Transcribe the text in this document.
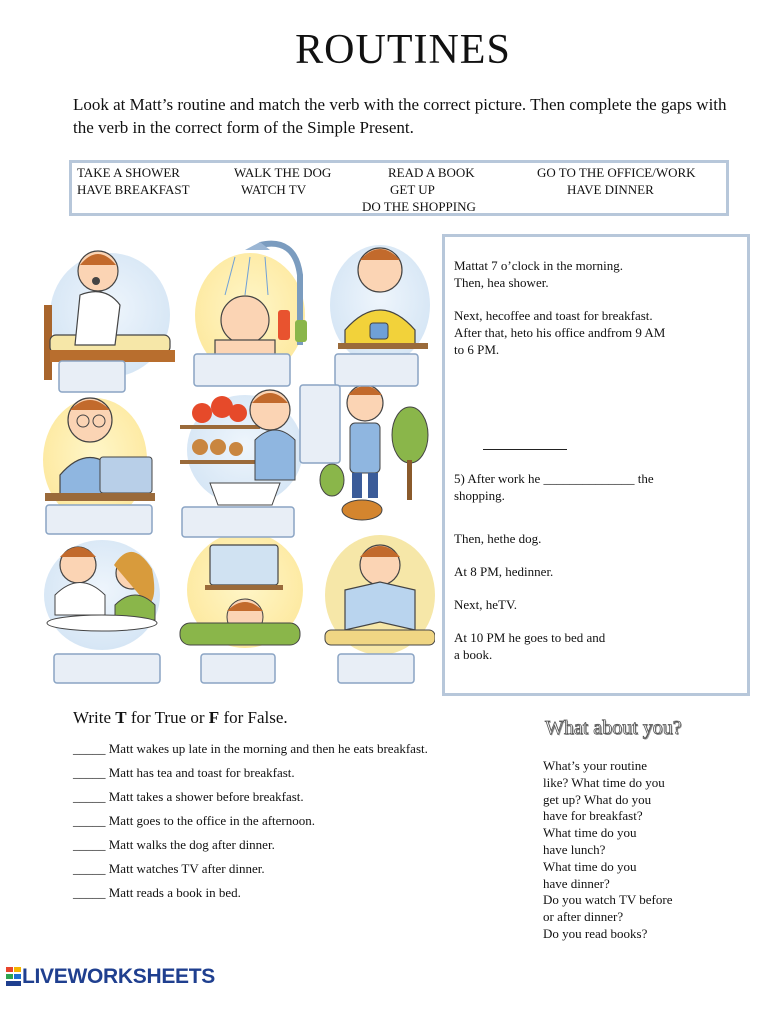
ROUTINES
Look at Matt’s routine and match the verb with the correct picture. Then complete the gaps with the verb in the correct form of the Simple Present.
TAKE A SHOWER	WALK THE DOG	READ A BOOK	GO TO THE OFFICE/WORK
HAVE BREAKFAST	WATCH TV	GET UP	HAVE DINNER
DO THE SHOPPING
Mattat 7 o’clock in the morning.
Then, hea shower.
Next, hecoffee and toast for breakfast.
After that, heto his office andfrom 9 AM
to 6 PM.
5) After work he ______________ the
shopping.
Then, hethe dog.
At 8 PM, hedinner.
Next, heTV.
At 10 PM he goes to bed and
a book.
Write T for True or F for False.
_____ Matt wakes up late in the morning and then he eats breakfast.
_____ Matt has tea and toast for breakfast.
_____ Matt takes a shower before breakfast.
_____ Matt goes to the office in the afternoon.
_____ Matt walks the dog after dinner.
_____ Matt watches TV after dinner.
_____ Matt reads a book in bed.
What about you?
What’s your routine
like? What time do you
get up? What do you
have for breakfast?
What time do you
have lunch?
What time do you
have dinner?
Do you watch TV before
or after dinner?
Do you read books?
LIVEWORKSHEETS
